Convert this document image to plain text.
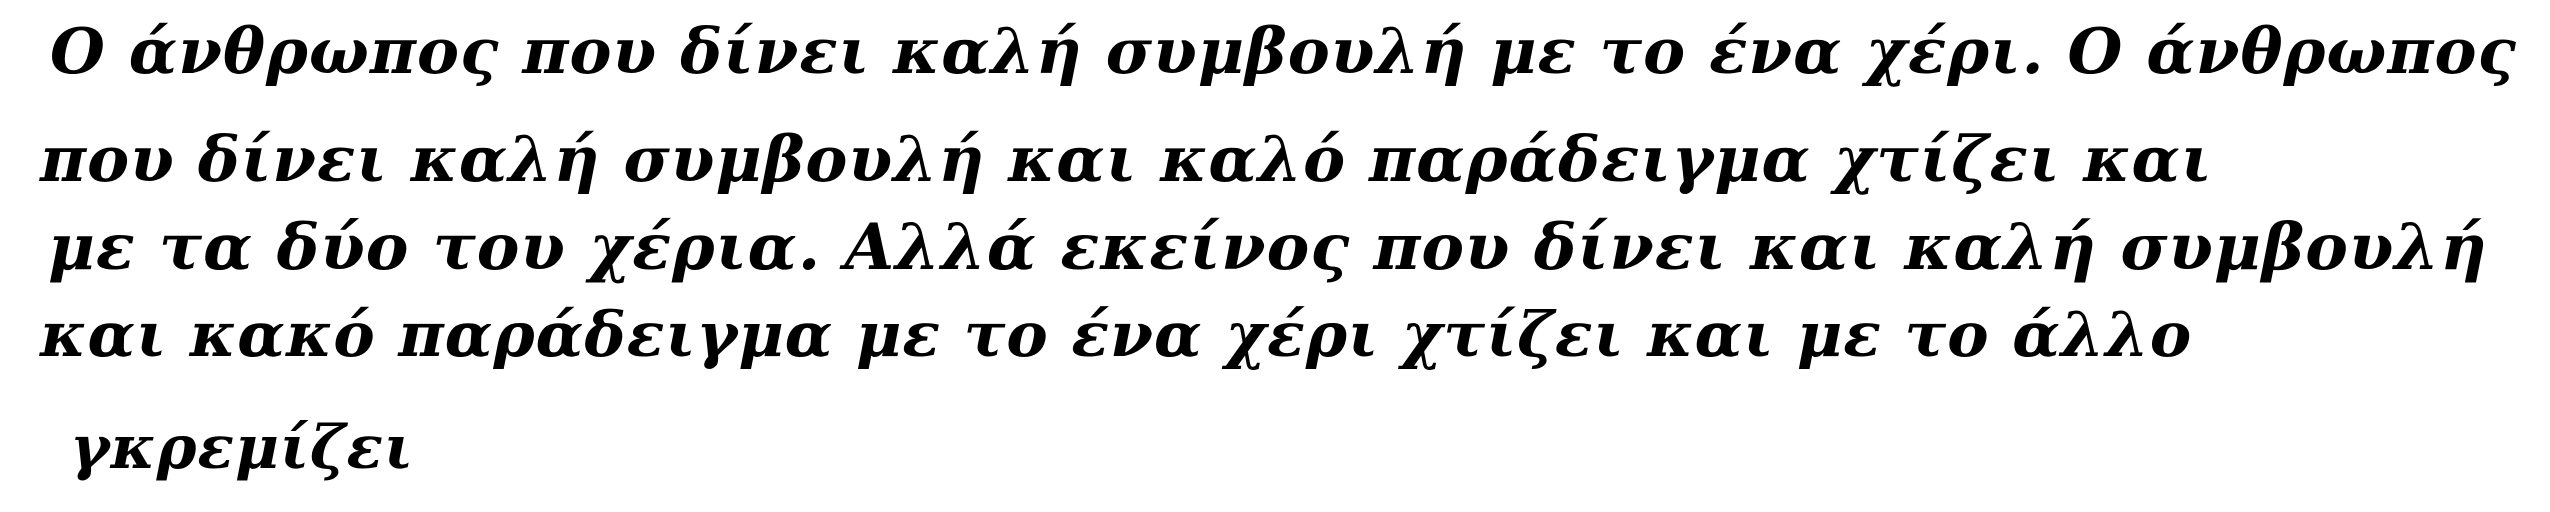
Ο άνθρωπος που δίνει καλή συμβουλή με το ένα χέρι. Ο άνθρωπος

που δίνει καλή συμβουλή και καλό παράδειγμα χτίζει και

με τα δύο του χέρια. Αλλά εκείνος που δίνει και καλή συμβουλή

και κακό παράδειγμα με το ένα χέρι χτίζει και με το άλλο

γκρεμίζει
